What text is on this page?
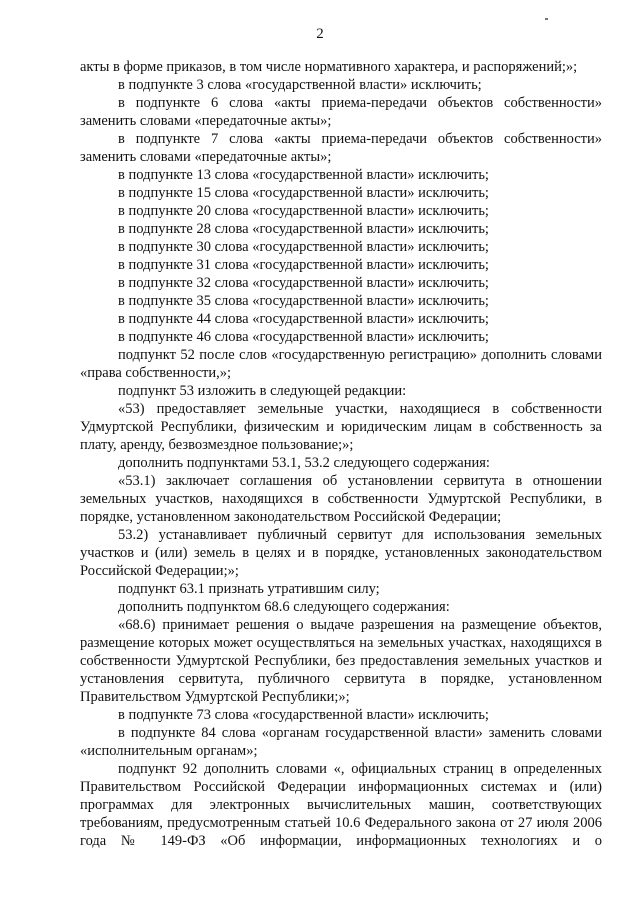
2

акты в форме приказов, в том числе нормативного характера, и распоряжений;»;

в подпункте 3 слова «государственной власти» исключить;

в подпункте 6 слова «акты приема-передачи объектов собственности» заменить словами «передаточные акты»;

в подпункте 7 слова «акты приема-передачи объектов собственности» заменить словами «передаточные акты»;

в подпункте 13 слова «государственной власти» исключить;

в подпункте 15 слова «государственной власти» исключить;

в подпункте 20 слова «государственной власти» исключить;

в подпункте 28 слова «государственной власти» исключить;

в подпункте 30 слова «государственной власти» исключить;

в подпункте 31 слова «государственной власти» исключить;

в подпункте 32 слова «государственной власти» исключить;

в подпункте 35 слова «государственной власти» исключить;

в подпункте 44 слова «государственной власти» исключить;

в подпункте 46 слова «государственной власти» исключить;

подпункт 52 после слов «государственную регистрацию» дополнить словами «права собственности,»;

подпункт 53 изложить в следующей редакции:

«53) предоставляет земельные участки, находящиеся в собственности Удмуртской Республики, физическим и юридическим лицам в собственность за плату, аренду, безвозмездное пользование;»;

дополнить подпунктами 53.1, 53.2 следующего содержания:

«53.1) заключает соглашения об установлении сервитута в отношении земельных участков, находящихся в собственности Удмуртской Республики, в порядке, установленном законодательством Российской Федерации;

53.2) устанавливает публичный сервитут для использования земельных участков и (или) земель в целях и в порядке, установленных законодательством Российской Федерации;»;

подпункт 63.1 признать утратившим силу;

дополнить подпунктом 68.6 следующего содержания:

«68.6) принимает решения о выдаче разрешения на размещение объектов, размещение которых может осуществляться на земельных участках, находящихся в собственности Удмуртской Республики, без предоставления земельных участков и установления сервитута, публичного сервитута в порядке, установленном Правительством Удмуртской Республики;»;

в подпункте 73 слова «государственной власти» исключить;

в подпункте 84 слова «органам государственной власти» заменить словами «исполнительным органам»;

подпункт 92 дополнить словами «, официальных страниц в определенных Правительством Российской Федерации информационных системах и (или) программах для электронных вычислительных машин, соответствующих требованиям, предусмотренным статьей 10.6 Федерального закона от 27 июля 2006 года № 149-ФЗ «Об информации, информационных технологиях и о
